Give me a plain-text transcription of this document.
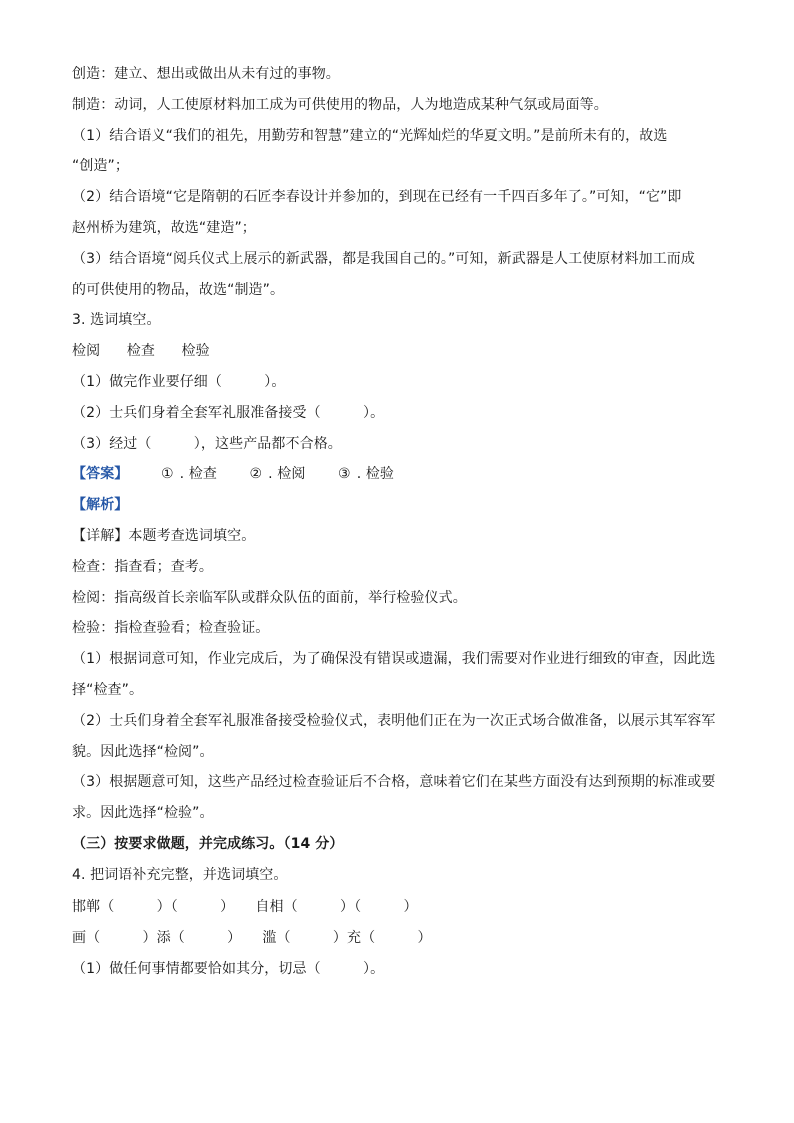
创造：建立、想出或做出从未有过的事物。
制造：动词，人工使原材料加工成为可供使用的物品，人为地造成某种气氛或局面等。
（1）结合语义“我们的祖先，用勤劳和智慧”建立的“光辉灿烂的华夏文明。”是前所未有的，故选
“创造”；
（2）结合语境“它是隋朝的石匠李春设计并参加的，到现在已经有一千四百多年了。”可知，“它”即
赵州桥为建筑，故选“建造”；
（3）结合语境“阅兵仪式上展示的新武器，都是我国自己的。”可知，新武器是人工使原材料加工而成
的可供使用的物品，故选“制造”。
3. 选词填空。
检阅 检查 检验
（1）做完作业要仔细（　　　）。
（2）士兵们身着全套军礼服准备接受（　　　）。
（3）经过（　　　），这些产品都不合格。
【答案】 ① . 检查 ② . 检阅 ③ . 检验
【解析】
【详解】本题考查选词填空。
检查：指查看；查考。
检阅：指高级首长亲临军队或群众队伍的面前，举行检验仪式。
检验：指检查验看；检查验证。
（1）根据词意可知，作业完成后，为了确保没有错误或遗漏，我们需要对作业进行细致的审查，因此选
择“检查”。
（2）士兵们身着全套军礼服准备接受检验仪式，表明他们正在为一次正式场合做准备，以展示其军容军
貌。因此选择“检阅”。
（3）根据题意可知，这些产品经过检查验证后不合格，意味着它们在某些方面没有达到预期的标准或要
求。因此选择“检验”。
（三）按要求做题，并完成练习。（14 分）
4. 把词语补充完整，并选词填空。
邯郸（　　　）（　　　）　　自相（　　　）（　　　） 画（　　　）添（　　　）　　滥（　　　）充（　　　）
（1）做任何事情都要恰如其分，切忌（　　　）。
